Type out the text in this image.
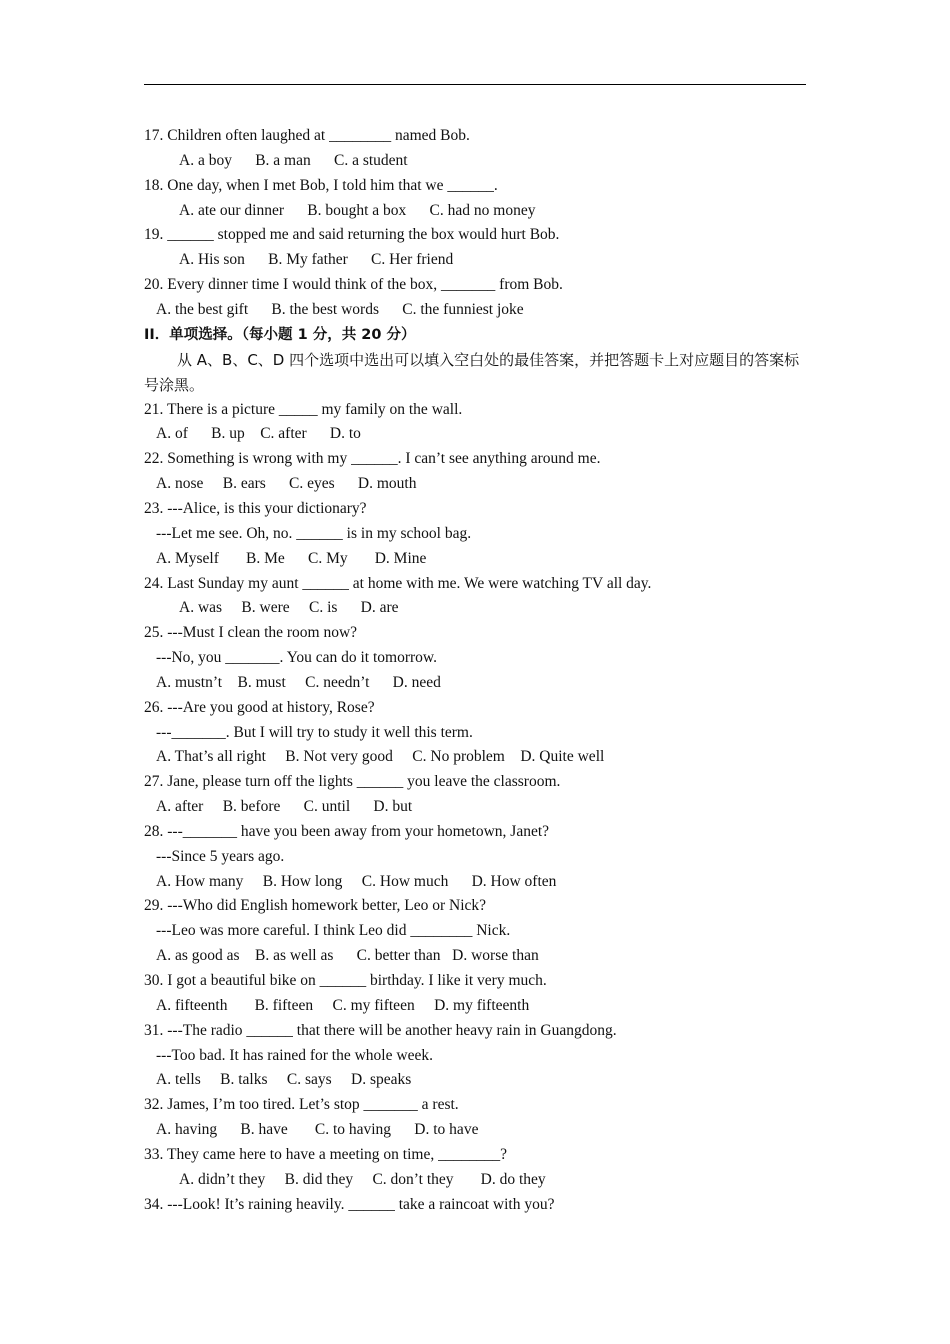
17. Children often laughed at ________ named Bob.
A. a boy      B. a man      C. a student
18. One day, when I met Bob, I told him that we ______.
A. ate our dinner      B. bought a box      C. had no money
19. ______ stopped me and said returning the box would hurt Bob.
A. His son      B. My father      C. Her friend
20. Every dinner time I would think of the box, _______ from Bob.
A. the best gift      B. the best words      C. the funniest joke
II．单项选择。（每小题 1 分，共 20 分）
从 A、B、C、D 四个选项中选出可以填入空白处的最佳答案，并把答题卡上对应题目的答案标号涂黑。
21. There is a picture _____ my family on the wall.
A. of      B. up    C. after      D. to
22. Something is wrong with my ______. I can’t see anything around me.
A. nose     B. ears      C. eyes      D. mouth
23. ---Alice, is this your dictionary?
---Let me see. Oh, no. ______ is in my school bag.
A. Myself       B. Me      C. My       D. Mine
24. Last Sunday my aunt ______ at home with me. We were watching TV all day.
A. was     B. were     C. is      D. are
25. ---Must I clean the room now?
---No, you _______. You can do it tomorrow.
A. mustn’t    B. must     C. needn’t      D. need
26. ---Are you good at history, Rose?
---_______. But I will try to study it well this term.
A. That’s all right     B. Not very good     C. No problem    D. Quite well
27. Jane, please turn off the lights ______ you leave the classroom.
A. after     B. before      C. until      D. but
28. ---_______ have you been away from your hometown, Janet?
---Since 5 years ago.
A. How many     B. How long     C. How much      D. How often
29. ---Who did English homework better, Leo or Nick?
---Leo was more careful. I think Leo did ________ Nick.
A. as good as    B. as well as      C. better than   D. worse than
30. I got a beautiful bike on ______ birthday. I like it very much.
A. fifteenth       B. fifteen     C. my fifteen     D. my fifteenth
31. ---The radio ______ that there will be another heavy rain in Guangdong.
---Too bad. It has rained for the whole week.
A. tells     B. talks     C. says     D. speaks
32. James, I’m too tired. Let’s stop _______ a rest.
A. having      B. have       C. to having      D. to have
33. They came here to have a meeting on time, ________?
A. didn’t they     B. did they     C. don’t they       D. do they
34. ---Look! It’s raining heavily. ______ take a raincoat with you?
